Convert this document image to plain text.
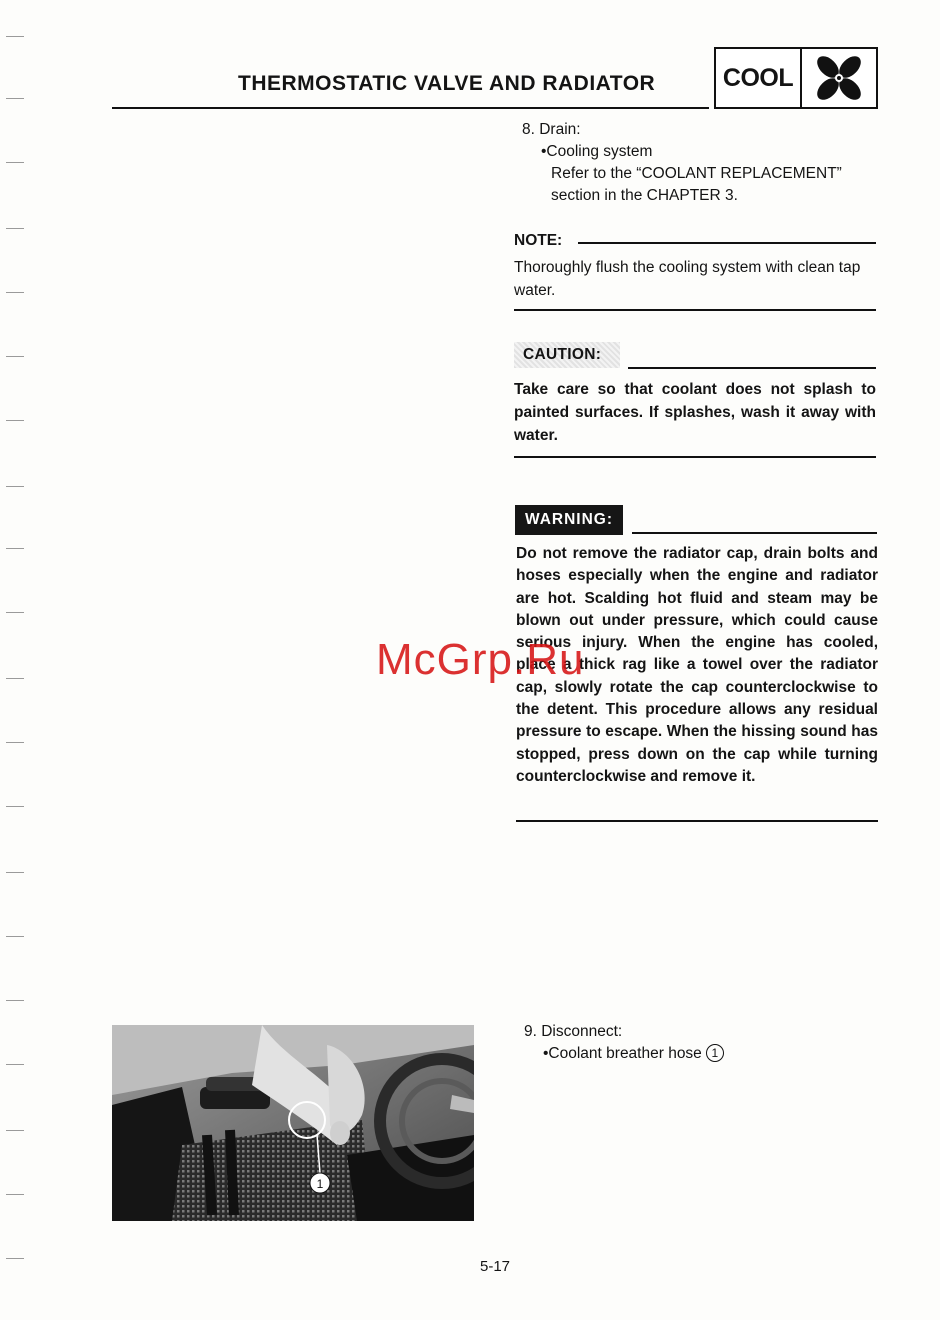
THERMOSTATIC VALVE AND RADIATOR	COOL
8. Drain:
•Cooling system
Refer to the “COOLANT REPLACEMENT”
section in the CHAPTER 3.
NOTE:
Thoroughly flush the cooling system with clean tap water.
CAUTION:
Take care so that coolant does not splash to painted surfaces. If splashes, wash it away with water.
WARNING:
Do not remove the radiator cap, drain bolts and hoses especially when the engine and radiator are hot. Scalding hot fluid and steam may be blown out under pressure, which could cause serious injury. When the engine has cooled, place a thick rag like a towel over the radiator cap, slowly rotate the cap counterclockwise to the detent. This procedure allows any residual pressure to escape. When the hissing sound has stopped, press down on the cap while turning counterclockwise and remove it.
McGrp.Ru
9. Disconnect:
•Coolant breather hose 1
1
5-17
